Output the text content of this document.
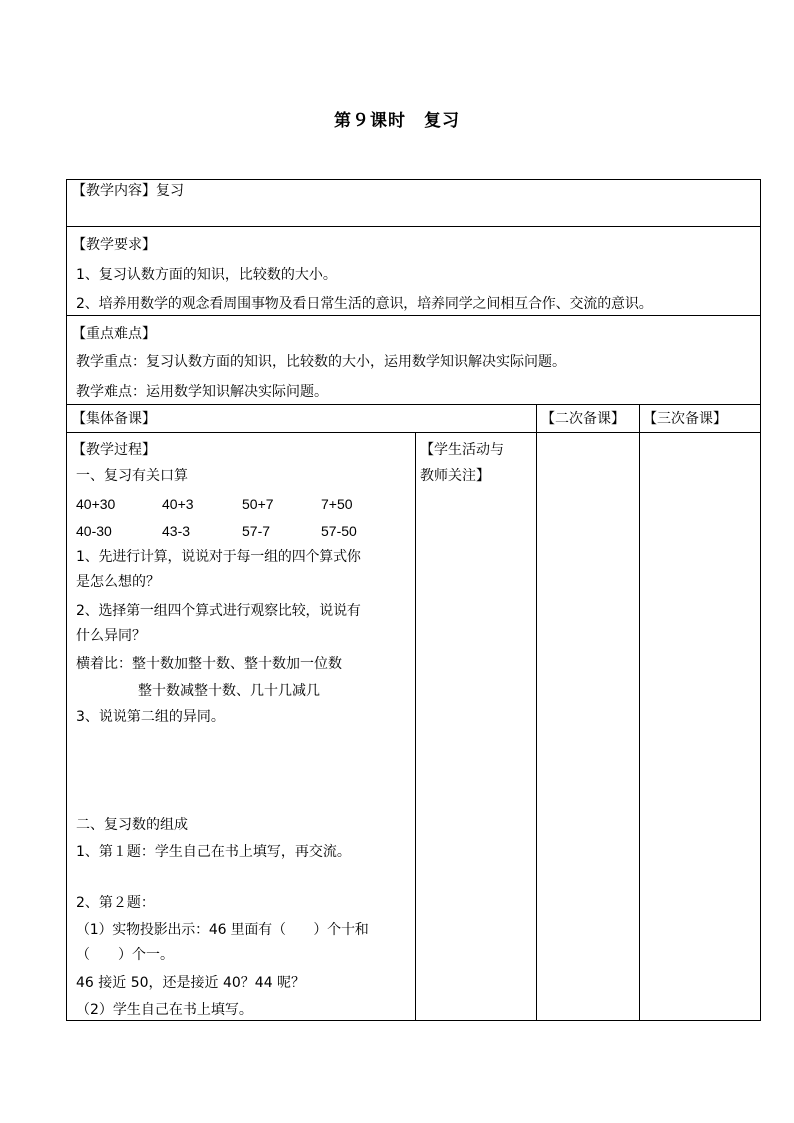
第９课时　复习
【教学内容】复习
【教学要求】
1、复习认数方面的知识，比较数的大小。
2、培养用数学的观念看周围事物及看日常生活的意识，培养同学之间相互合作、交流的意识。
【重点难点】
教学重点：复习认数方面的知识，比较数的大小，运用数学知识解决实际问题。
教学难点：运用数学知识解决实际问题。
【集体备课】	【二次备课】 【三次备课】
【教学过程】
一、复习有关口算
40+30	40+3	50+7	7+50
40-30	43-3	57-7	57-50
1、先进行计算，说说对于每一组的四个算式你
是怎么想的？
2、选择第一组四个算式进行观察比较，说说有
什么异同？
横着比：整十数加整十数、整十数加一位数
整十数减整十数、几十几减几
3、说说第二组的异同。
二、复习数的组成
1、第１题：学生自己在书上填写，再交流。
2、第２题：
（1）实物投影出示：46 里面有（　　）个十和
（　　）个一。
46 接近 50，还是接近 40？44 呢？
（2）学生自己在书上填写。
【学生活动与
教师关注】
